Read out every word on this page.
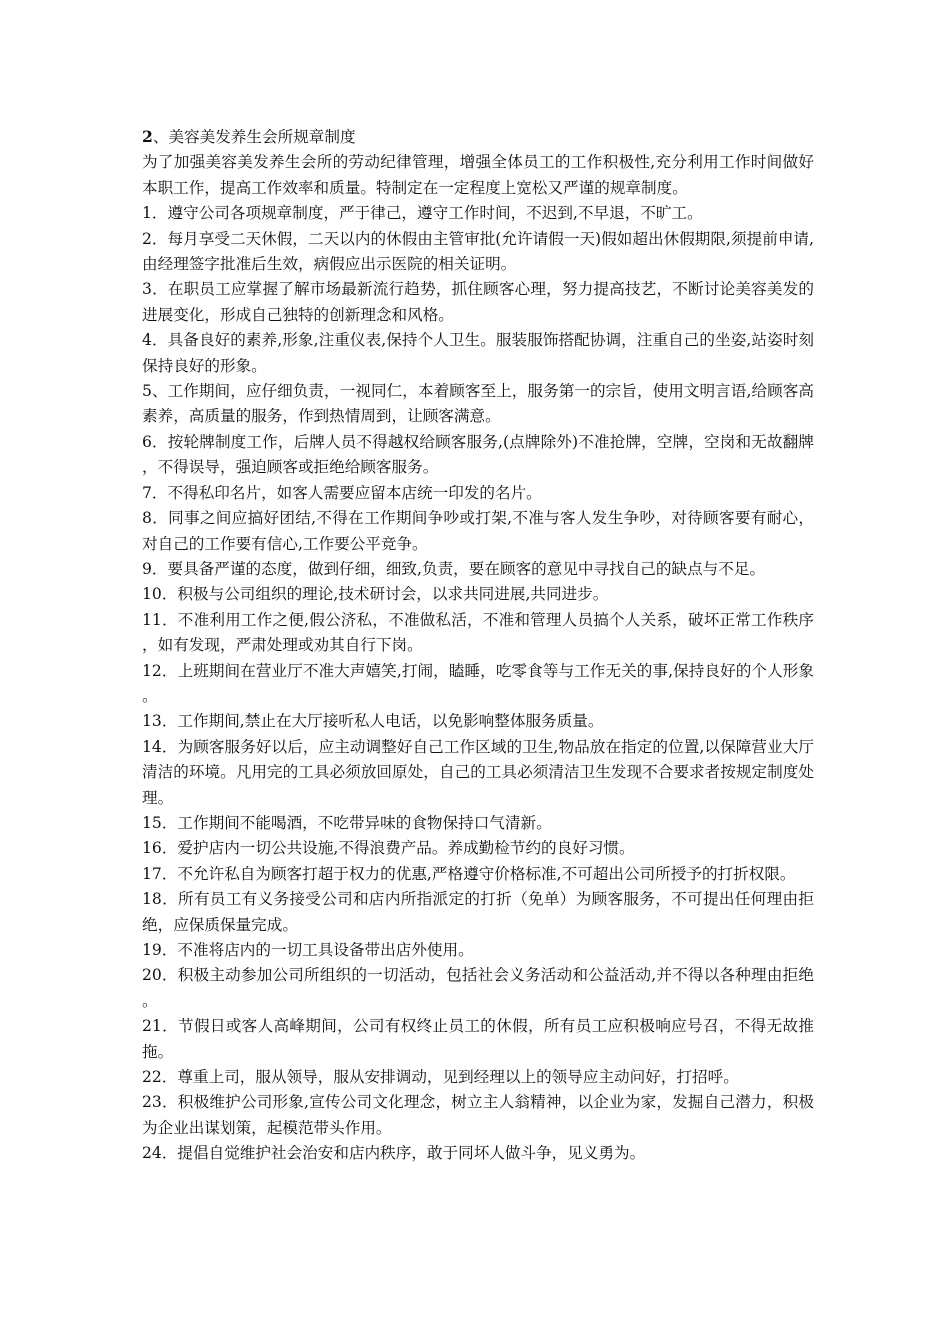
2、美容美发养生会所规章制度

为了加强美容美发养生会所的劳动纪律管理，增强全体员工的工作积极性,充分利用工作时间做好本职工作，提高工作效率和质量。特制定在一定程度上宽松又严谨的规章制度。

1．遵守公司各项规章制度，严于律己，遵守工作时间，不迟到,不早退，不旷工。

2．每月享受二天休假，二天以内的休假由主管审批(允许请假一天)假如超出休假期限,须提前申请,由经理签字批准后生效，病假应出示医院的相关证明。

3．在职员工应掌握了解市场最新流行趋势，抓住顾客心理，努力提高技艺，不断讨论美容美发的进展变化，形成自己独特的创新理念和风格。

4．具备良好的素养,形象,注重仪表,保持个人卫生。服装服饰搭配协调，注重自己的坐姿,站姿时刻保持良好的形象。

5、工作期间，应仔细负责，一视同仁，本着顾客至上，服务第一的宗旨，使用文明言语,给顾客高素养，高质量的服务，作到热情周到，让顾客满意。

6．按轮牌制度工作，后牌人员不得越权给顾客服务,(点牌除外)不准抢牌，空牌，空岗和无故翻牌，不得误导，强迫顾客或拒绝给顾客服务。

7．不得私印名片，如客人需要应留本店统一印发的名片。

8．同事之间应搞好团结,不得在工作期间争吵或打架,不准与客人发生争吵，对待顾客要有耐心，对自己的工作要有信心,工作要公平竞争。

9．要具备严谨的态度，做到仔细，细致,负责，要在顾客的意见中寻找自己的缺点与不足。

10．积极与公司组织的理论,技术研讨会，以求共同进展,共同进步。

11．不准利用工作之便,假公济私，不准做私活，不准和管理人员搞个人关系，破坏正常工作秩序，如有发现，严肃处理或劝其自行下岗。

12．上班期间在营业厅不准大声嬉笑,打闹，瞌睡，吃零食等与工作无关的事,保持良好的个人形象。

13．工作期间,禁止在大厅接听私人电话，以免影响整体服务质量。

14．为顾客服务好以后，应主动调整好自己工作区域的卫生,物品放在指定的位置,以保障营业大厅清洁的环境。凡用完的工具必须放回原处，自己的工具必须清洁卫生发现不合要求者按规定制度处理。

15．工作期间不能喝酒，不吃带异味的食物保持口气清新。

16．爱护店内一切公共设施,不得浪费产品。养成勤检节约的良好习惯。

17．不允许私自为顾客打超于权力的优惠,严格遵守价格标准,不可超出公司所授予的打折权限。

18．所有员工有义务接受公司和店内所指派定的打折（免单）为顾客服务，不可提出任何理由拒绝，应保质保量完成。

19．不准将店内的一切工具设备带出店外使用。

20．积极主动参加公司所组织的一切活动，包括社会义务活动和公益活动,并不得以各种理由拒绝。

21．节假日或客人高峰期间，公司有权终止员工的休假，所有员工应积极响应号召，不得无故推拖。

22．尊重上司，服从领导，服从安排调动，见到经理以上的领导应主动问好，打招呼。

23．积极维护公司形象,宣传公司文化理念，树立主人翁精神，以企业为家，发掘自己潜力，积极为企业出谋划策，起模范带头作用。

24．提倡自觉维护社会治安和店内秩序，敢于同坏人做斗争，见义勇为。
